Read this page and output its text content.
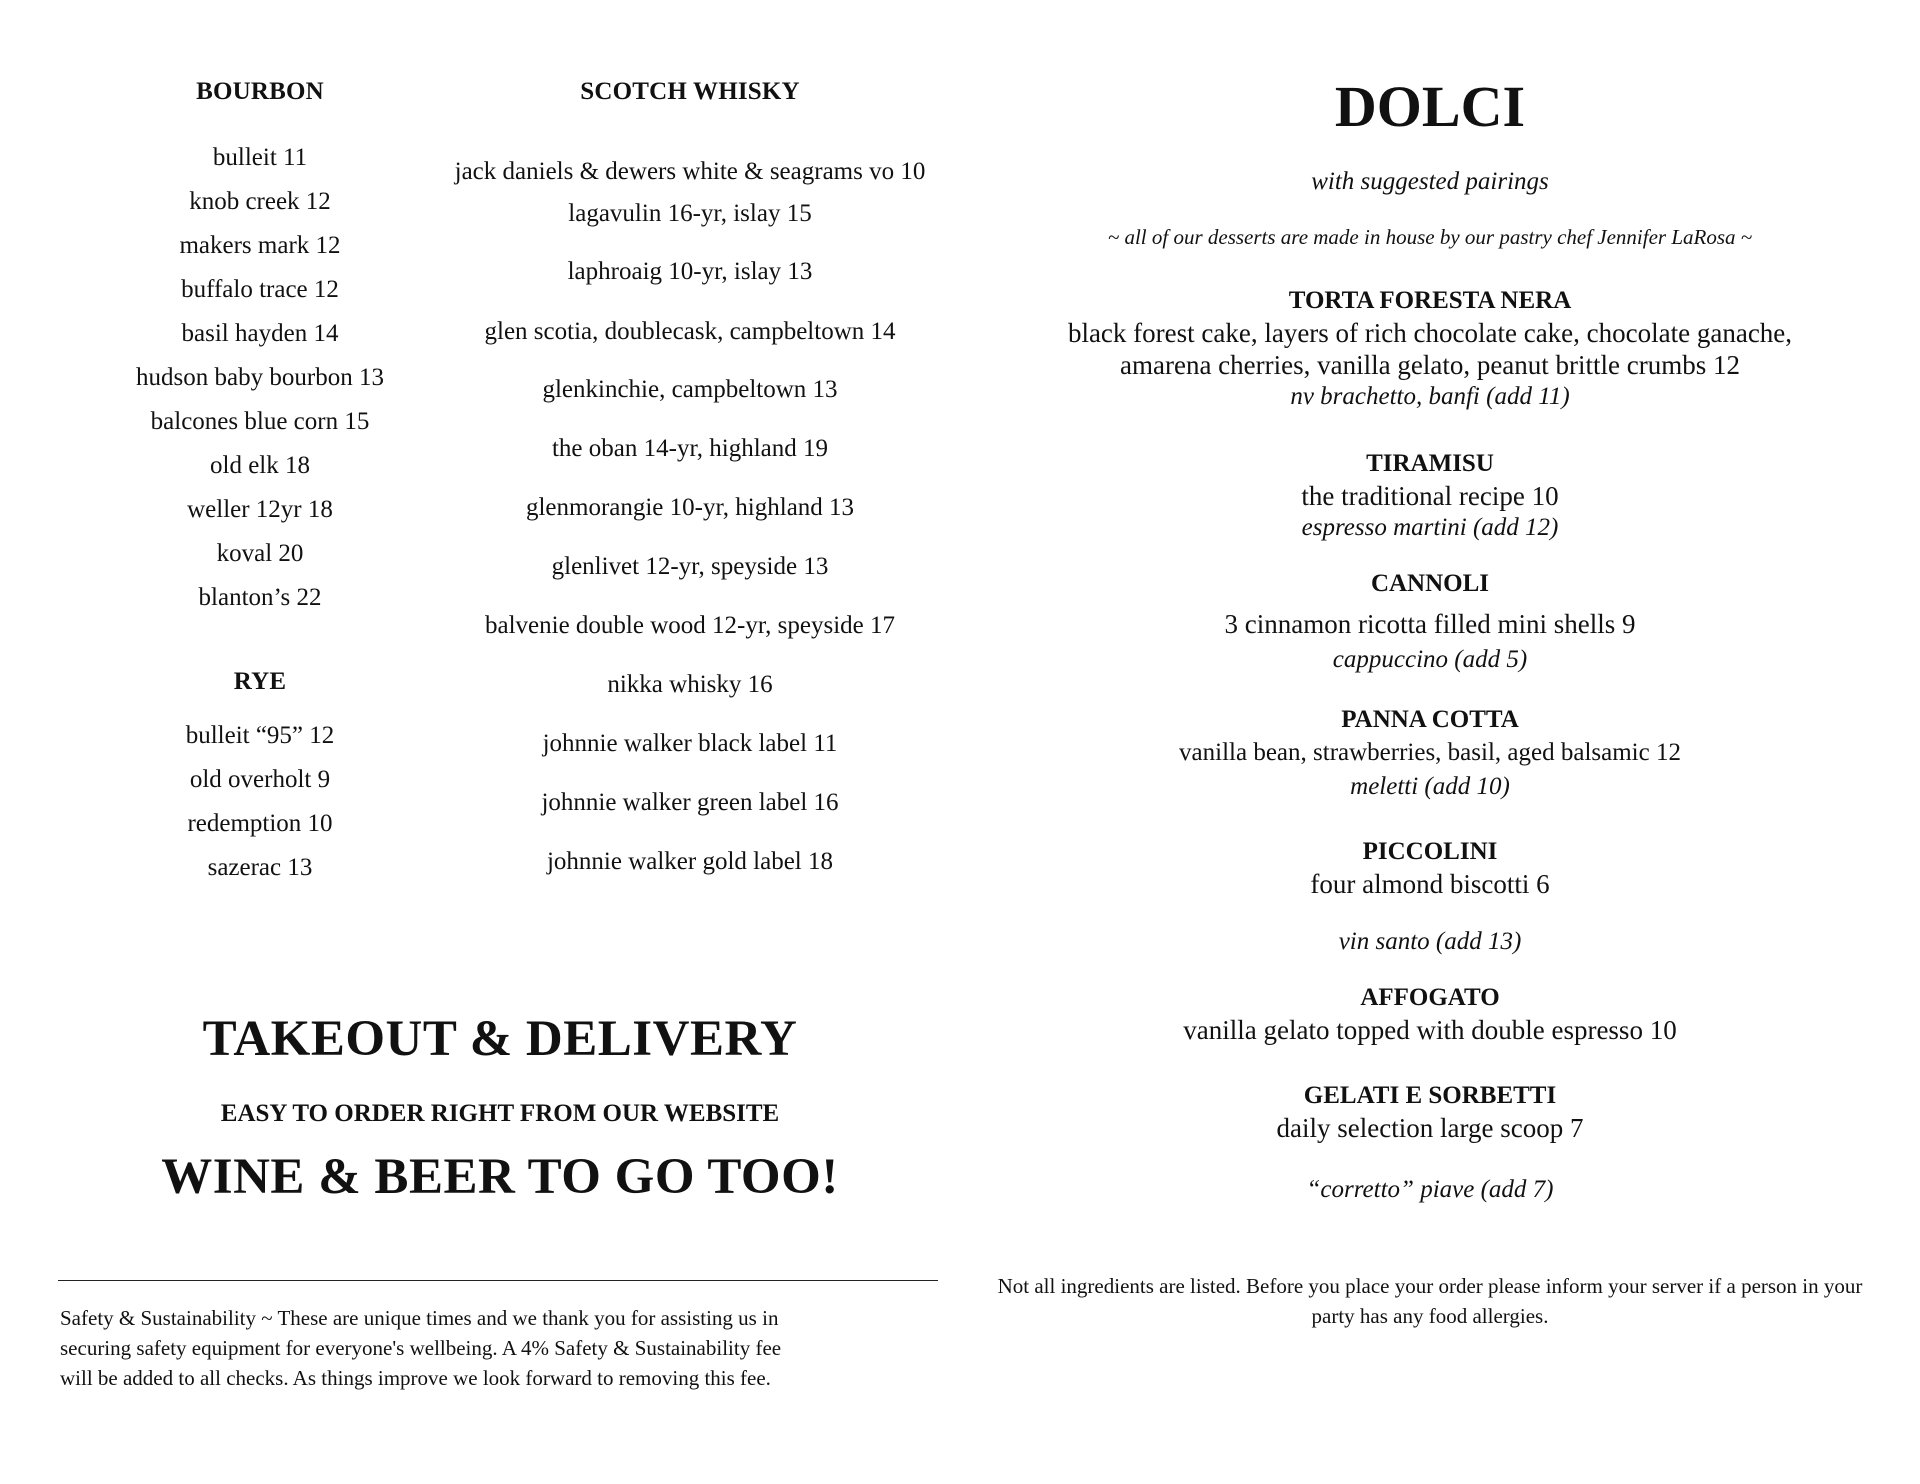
BOURBON
bulleit 11
knob creek 12
makers mark 12
buffalo trace 12
basil hayden 14
hudson baby bourbon 13
balcones blue corn 15
old elk 18
weller 12yr 18
koval 20
blanton’s 22
RYE
bulleit “95” 12
old overholt 9
redemption 10
sazerac 13
SCOTCH WHISKY
jack daniels & dewers white & seagrams vo 10
lagavulin 16-yr, islay 15
laphroaig 10-yr, islay 13
glen scotia, doublecask, campbeltown 14
glenkinchie, campbeltown 13
the oban 14-yr, highland 19
glenmorangie 10-yr, highland 13
glenlivet 12-yr, speyside 13
balvenie double wood 12-yr, speyside 17
nikka whisky 16
johnnie walker black label 11
johnnie walker green label 16
johnnie walker gold label 18
TAKEOUT & DELIVERY
EASY TO ORDER RIGHT FROM OUR WEBSITE
WINE & BEER TO GO TOO!
Safety & Sustainability ~ These are unique times and we thank you for assisting us in
securing safety equipment for everyone's wellbeing. A 4% Safety & Sustainability fee
will be added to all checks. As things improve we look forward to removing this fee.
DOLCI
with suggested pairings
~ all of our desserts are made in house by our pastry chef Jennifer LaRosa ~
TORTA FORESTA NERA
black forest cake, layers of rich chocolate cake, chocolate ganache,
amarena cherries, vanilla gelato, peanut brittle crumbs 12
nv brachetto, banfi (add 11)
TIRAMISU
the traditional recipe 10
espresso martini (add 12)
CANNOLI
3 cinnamon ricotta filled mini shells 9
cappuccino (add 5)
PANNA COTTA
vanilla bean, strawberries, basil, aged balsamic 12
meletti (add 10)
PICCOLINI
four almond biscotti 6
vin santo (add 13)
AFFOGATO
vanilla gelato topped with double espresso 10
GELATI E SORBETTI
daily selection large scoop 7
“corretto” piave (add 7)
Not all ingredients are listed. Before you place your order please inform your server if a person in your party has any food allergies.
